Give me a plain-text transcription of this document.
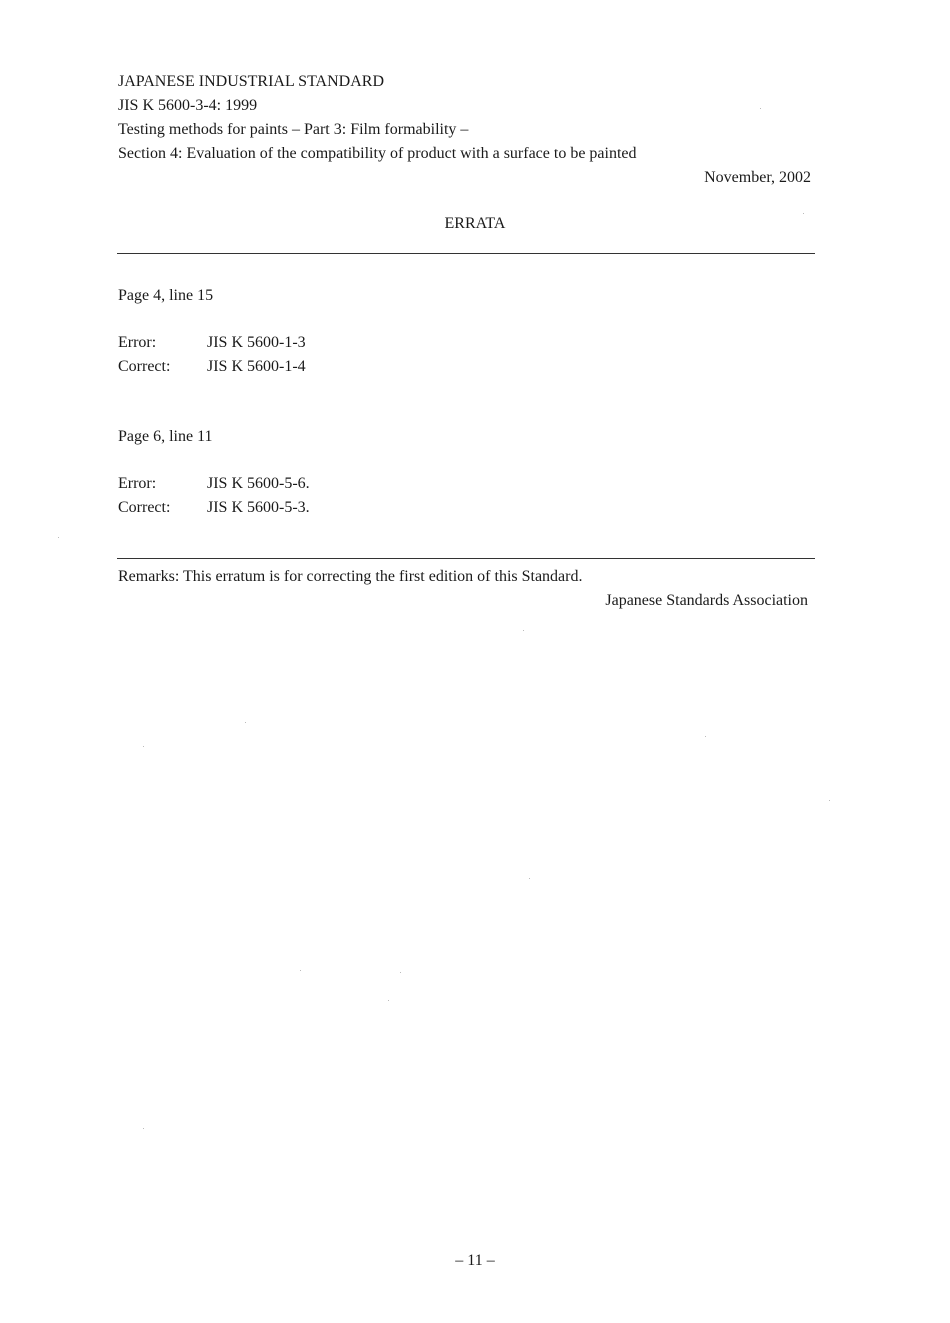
JAPANESE INDUSTRIAL STANDARD
JIS K 5600-3-4: 1999
Testing methods for paints – Part 3: Film formability –
Section 4: Evaluation of the compatibility of product with a surface to be painted
November, 2002
ERRATA
Page 4, line 15
Error:	JIS K 5600-1-3
Correct: JIS K 5600-1-4
Page 6, line 11
Error:	JIS K 5600-5-6.
Correct: JIS K 5600-5-3.
Remarks: This erratum is for correcting the first edition of this Standard.
Japanese Standards Association
– 11 –
